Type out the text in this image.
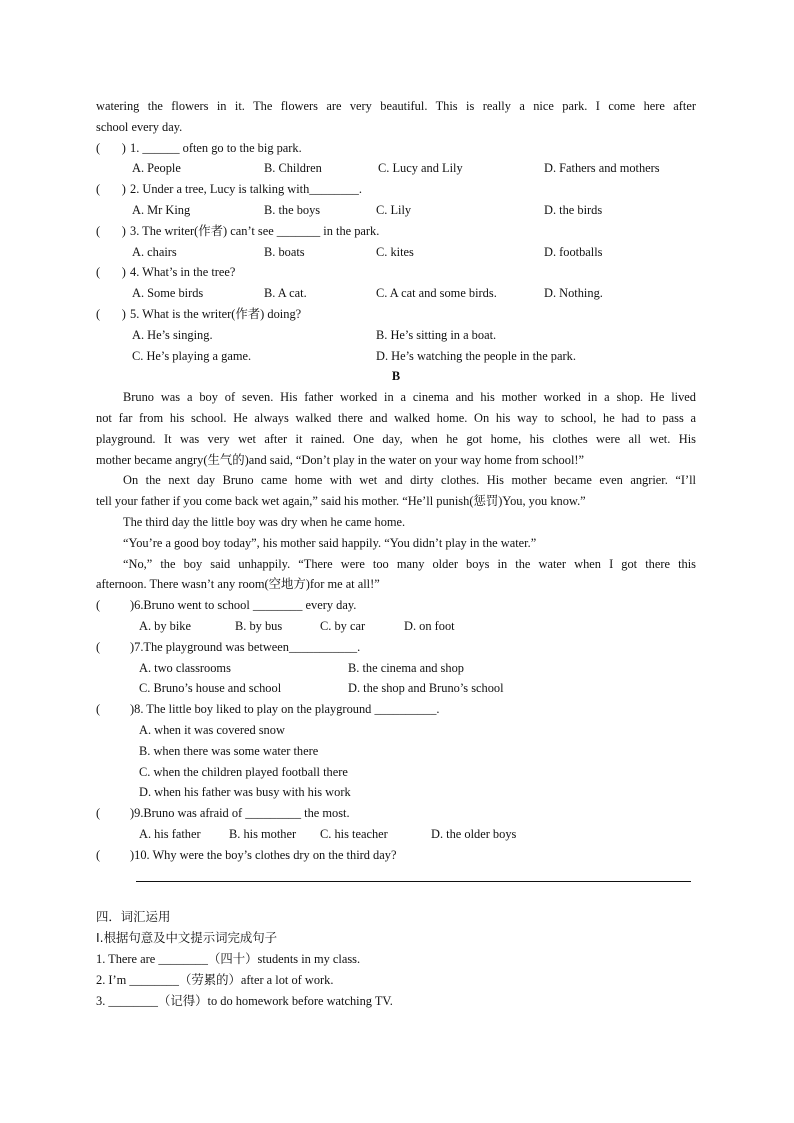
watering the flowers in it. The flowers are very beautiful. This is really a nice park. I come here after
school every day.
(       ) 1. ______ often go to the big park.
A. People	B. Children	C. Lucy and Lily	D. Fathers and mothers
(       ) 2. Under a tree, Lucy is talking with________.
A. Mr King	B. the boys	C. Lily	D. the birds
(       ) 3. The writer(作者) can’t see _______ in the park.
A. chairs	B. boats	C. kites	D. footballs
(       ) 4. What’s in the tree?
A. Some birds	B. A cat.	C. A cat and some birds.	D. Nothing.
(       ) 5. What is the writer(作者) doing?
A. He’s singing.	B. He’s sitting in a boat.
C. He’s playing a game.	D. He’s watching the people in the park.
B
Bruno was a boy of seven. His father worked in a cinema and his mother worked in a shop. He lived
not far from his school. He always walked there and walked home. On his way to school, he had to pass a
playground. It was very wet after it rained. One day, when he got home, his clothes were all wet. His
mother became angry(生气的)and said, “Don’t play in the water on your way home from school!”
On the next day Bruno came home with wet and dirty clothes. His mother became even angrier. “I’ll
tell your father if you come back wet again,” said his mother. “He’ll punish(惩罚)You, you know.”
The third day the little boy was dry when he came home.
“You’re a good boy today”, his mother said happily. “You didn’t play in the water.”
“No,” the boy said unhappily. “There were too many older boys in the water when I got there this
afternoon. There wasn’t any room(空地方)for me at all!”
(      )6.Bruno went to school ________ every day.
A. by bike	B. by bus	C. by car	D. on foot
(      )7.The playground was between___________.
A. two classrooms	B. the cinema and shop
C. Bruno’s house and school	D. the shop and Bruno’s school
(      )8. The little boy liked to play on the playground __________.
A. when it was covered snow
B. when there was some water there
C. when the children played football there
D. when his father was busy with his work
(      )9.Bruno was afraid of _________ the most.
A. his father B. his mother C. his teacher	D. the older boys
(      )10. Why were the boy’s clothes dry on the third day?
四．词汇运用
Ⅰ.根据句意及中文提示词完成句子
1. There are ________（四十）students in my class.
2. I’m ________（劳累的）after a lot of work.
3. ________（记得）to do homework before watching TV.
